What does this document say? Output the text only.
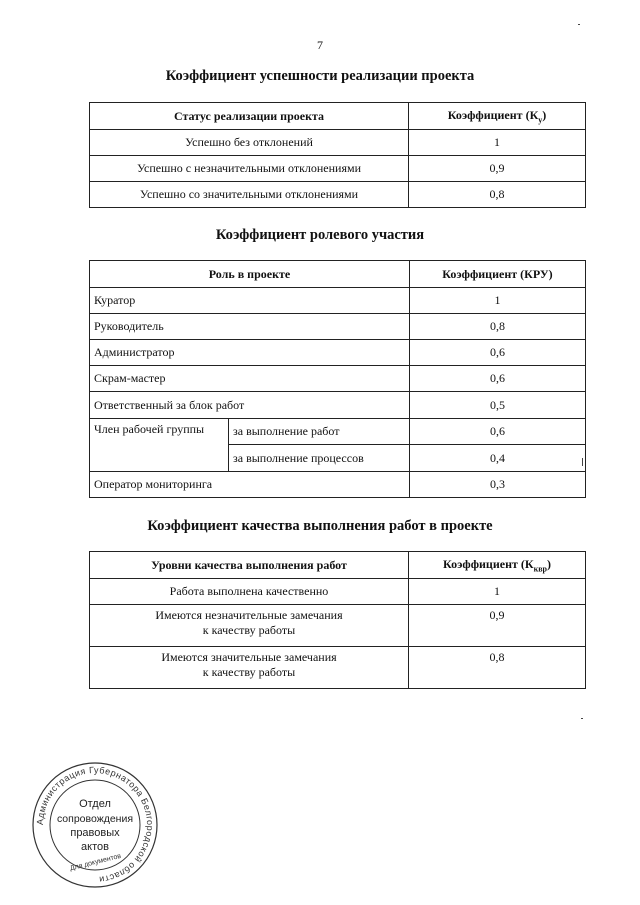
7
Коэффициент успешности реализации проекта
Статус реализации проекта	Коэффициент $(К_у)$
Успешно без отклонений	1
Успешно с незначительными отклонениями	0,9
Успешно со значительными отклонениями	0,8
Коэффициент ролевого участия
Роль в проекте		Коэффициент (КРУ)
Куратор		1
Руководитель		0,8
Администратор		0,6
Скрам-мастер		0,6
Ответственный за блок работ		0,5
Член рабочей группы	за выполнение работ	0,6
	за выполнение процессов	0,4
Оператор мониторинга		0,3
Коэффициент качества выполнения работ в проекте
Уровни качества выполнения работ	Коэффициент $(К_{квр})$

Работа выполнена качественно	1

Имеются незначительные замечания
к качеству работы	0,9

Имеются значительные замечания
к качеству работы	0,8
Администрация Губернатора Белгородской области
Отдел
сопровождения
правовых
актов
Для документов
